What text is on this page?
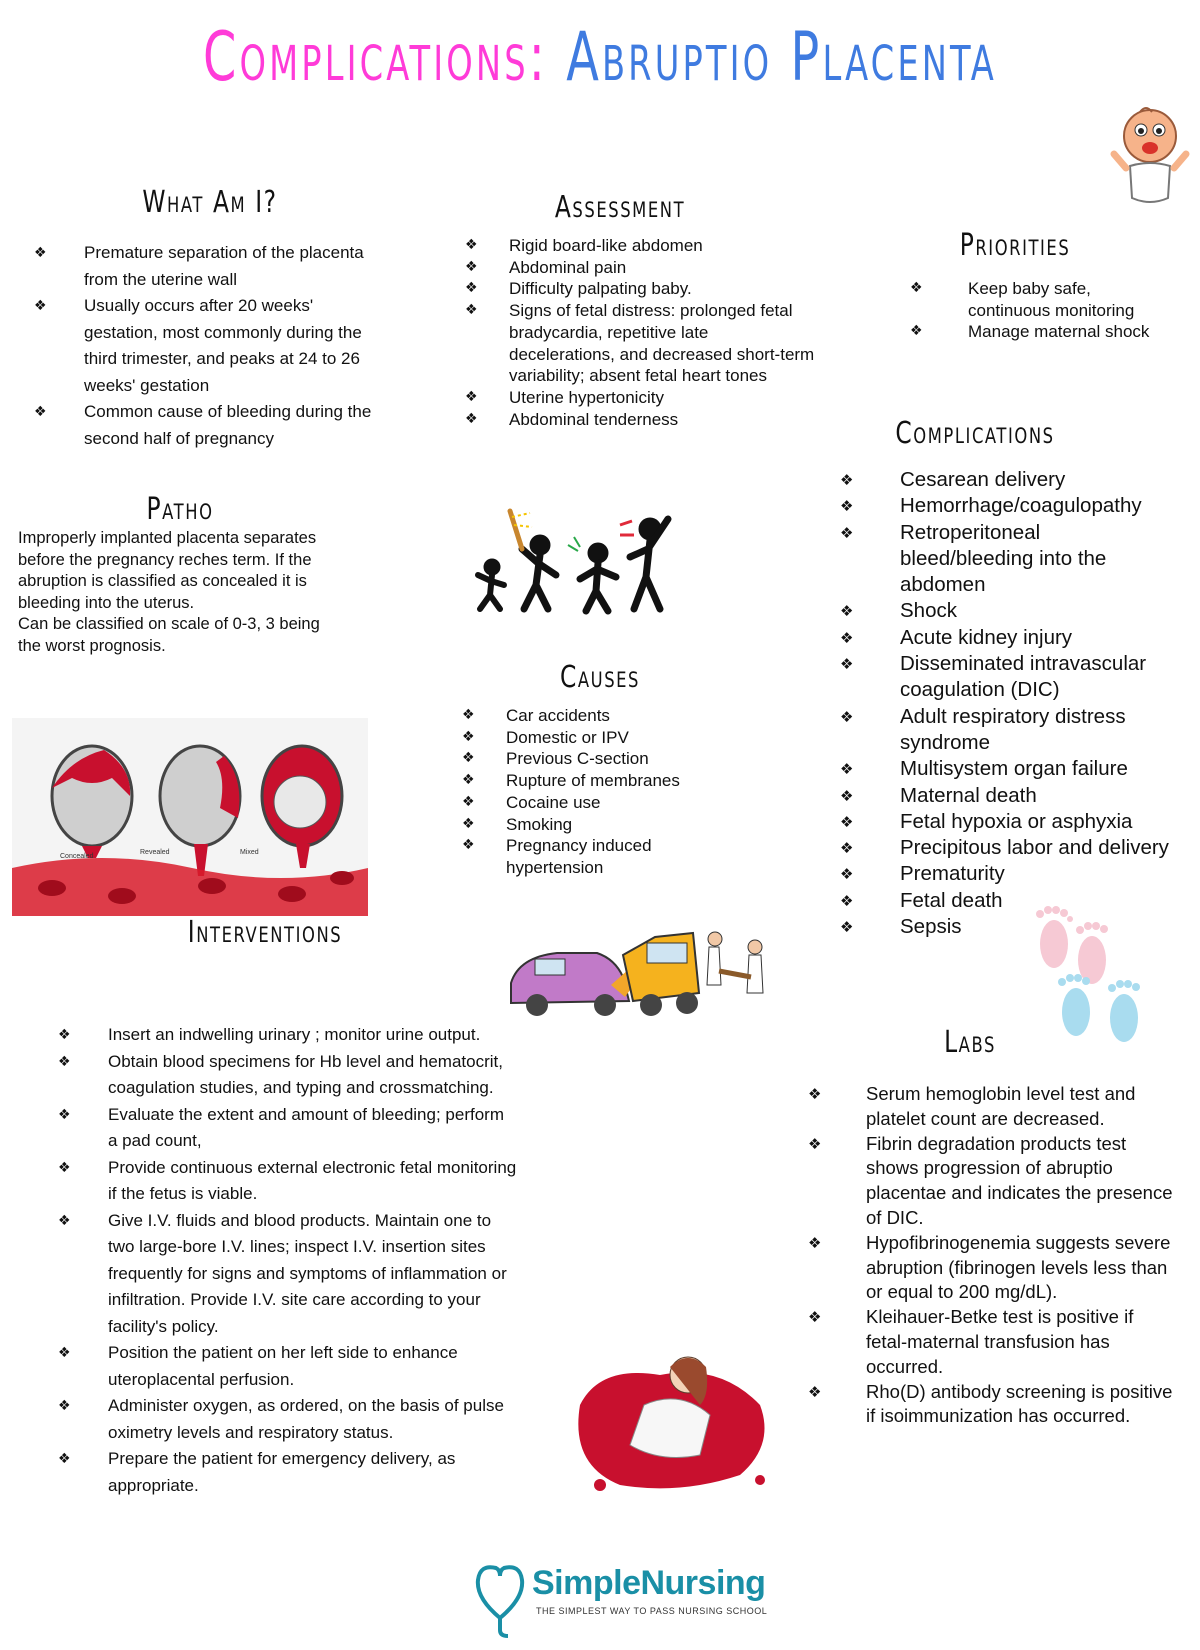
Complications: Abruptio Placenta
What Am I?
❖ Premature separation of the placenta from the uterine wall
❖ Usually occurs after 20 weeks' gestation, most commonly during the third trimester, and peaks at 24 to 26 weeks' gestation
❖ Common cause of bleeding during the second half of pregnancy
Patho
Improperly implanted placenta separates before the pregnancy reches term. If the abruption is classified as concealed it is bleeding into the uterus.
Can be classified on scale of 0-3, 3 being the worst prognosis.
Concealed
Revealed	Mixed
Assessment
❖ Rigid board-like abdomen
❖ Abdominal pain
❖ Difficulty palpating baby.
❖ Signs of fetal distress: prolonged fetal bradycardia, repetitive late decelerations, and decreased short-term variability; absent fetal heart tones
❖ Uterine hypertonicity
❖ Abdominal tenderness
Causes
❖ Car accidents
❖ Domestic or IPV
❖ Previous C-section
❖ Rupture of membranes
❖ Cocaine use
❖ Smoking
❖ Pregnancy induced hypertension
Interventions
❖ Insert an indwelling urinary ; monitor urine output.
❖ Obtain blood specimens for Hb level and hematocrit, coagulation studies, and typing and crossmatching.
❖ Evaluate the extent and amount of bleeding; perform a pad count,
❖ Provide continuous external electronic fetal monitoring if the fetus is viable.
❖ Give I.V. fluids and blood products. Maintain one to two large-bore I.V. lines; inspect I.V. insertion sites frequently for signs and symptoms of inflammation or infiltration. Provide I.V. site care according to your facility's policy.
❖ Position the patient on her left side to enhance uteroplacental perfusion.
❖ Administer oxygen, as ordered, on the basis of pulse oximetry levels and respiratory status.
❖ Prepare the patient for emergency delivery, as appropriate.
Priorities
❖	Keep baby safe, continuous monitoring
❖	Manage maternal shock
Complications
❖ Cesarean delivery
❖ Hemorrhage/coagulopathy
❖ Retroperitoneal bleed/bleeding into the abdomen
❖ Shock
❖ Acute kidney injury
❖ Disseminated intravascular coagulation (DIC)
❖ Adult respiratory distress syndrome
❖ Multisystem organ failure
❖ Maternal death
❖ Fetal hypoxia or asphyxia
❖ Precipitous labor and delivery
❖ Prematurity
❖ Fetal death
❖ Sepsis
Labs
❖ Serum hemoglobin level test and platelet count are decreased.
❖ Fibrin degradation products test shows progression of abruptio placentae and indicates the presence of DIC.
❖ Hypofibrinogenemia suggests severe abruption (fibrinogen levels less than or equal to 200 mg/dL).
❖ Kleihauer-Betke test is positive if fetal-maternal transfusion has occurred.
❖ Rho(D) antibody screening is positive if isoimmunization has occurred.
SimpleNursing
THE SIMPLEST WAY TO PASS NURSING SCHOOL
